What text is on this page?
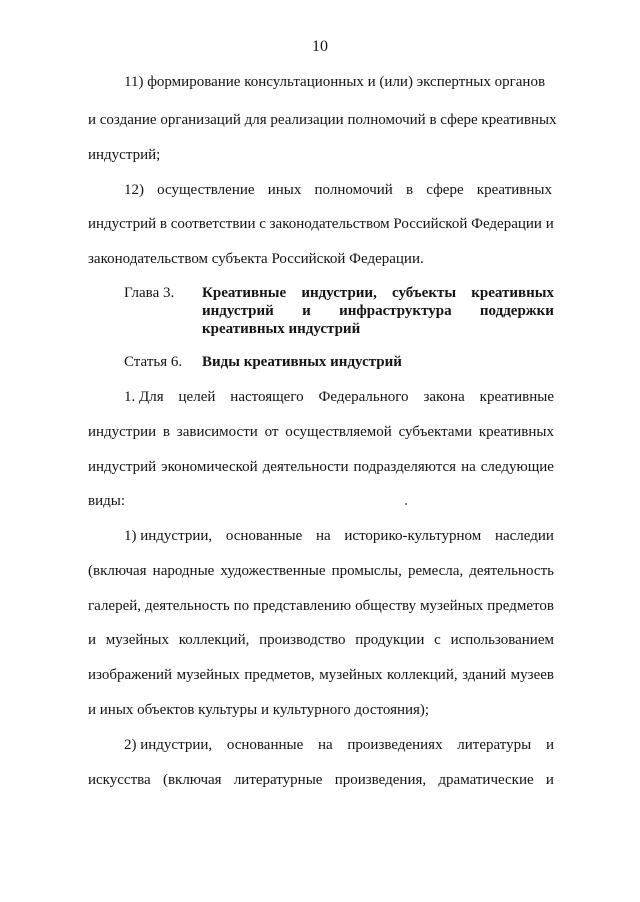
10
11) формирование консультационных и (или) экспертных органов
и создание организаций для реализации полномочий в сфере креативных
индустрий;
12) осуществление иных полномочий в сфере креативных
индустрий в соответствии с законодательством Российской Федерации и
законодательством субъекта Российской Федерации.
Глава 3. Креативные индустрии, субъекты креативных
индустрий и инфраструктура поддержки
креативных индустрий
Статья 6. Виды креативных индустрий
1. Для целей настоящего Федерального закона креативные
индустрии в зависимости от осуществляемой субъектами креативных
индустрий экономической деятельности подразделяются на следующие
виды:
1) индустрии, основанные на историко-культурном наследии
(включая народные художественные промыслы, ремесла, деятельность
галерей, деятельность по представлению обществу музейных предметов
и музейных коллекций, производство продукции с использованием
изображений музейных предметов, музейных коллекций, зданий музеев
и иных объектов культуры и культурного достояния);
2) индустрии, основанные на произведениях литературы и
искусства (включая литературные произведения, драматические и
